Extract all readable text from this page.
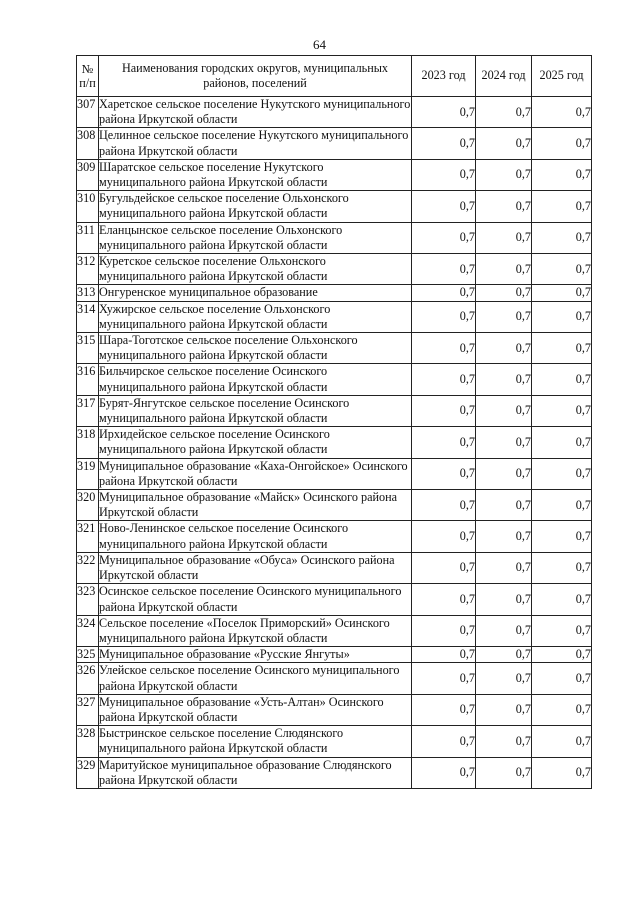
64
№ п/п	Наименования городских округов, муниципальных районов, поселений	2023 год	2024 год	2025 год
307	Харетское сельское поселение Нукутского муниципального района Иркутской области	0,7	0,7	0,7
308	Целинное сельское поселение Нукутского муниципального района Иркутской области	0,7	0,7	0,7
309	Шаратское сельское поселение Нукутского муниципального района Иркутской области	0,7	0,7	0,7
310	Бугульдейское сельское поселение Ольхонского муниципального района Иркутской области	0,7	0,7	0,7
311	Еланцынское сельское поселение Ольхонского муниципального района Иркутской области	0,7	0,7	0,7
312	Куретское сельское поселение Ольхонского муниципального района Иркутской области	0,7	0,7	0,7
313	Онгуренское муниципальное образование	0,7	0,7	0,7
314	Хужирское сельское поселение Ольхонского муниципального района Иркутской области	0,7	0,7	0,7
315	Шара-Тоготское сельское поселение Ольхонского муниципального района Иркутской области	0,7	0,7	0,7
316	Бильчирское сельское поселение Осинского муниципального района Иркутской области	0,7	0,7	0,7
317	Бурят-Янгутское сельское поселение Осинского муниципального района Иркутской области	0,7	0,7	0,7
318	Ирхидейское сельское поселение Осинского муниципального района Иркутской области	0,7	0,7	0,7
319	Муниципальное образование «Каха-Онгойское» Осинского района Иркутской области	0,7	0,7	0,7
320	Муниципальное образование «Майск» Осинского района Иркутской области	0,7	0,7	0,7
321	Ново-Ленинское сельское поселение Осинского муниципального района Иркутской области	0,7	0,7	0,7
322	Муниципальное образование «Обуса» Осинского района Иркутской области	0,7	0,7	0,7
323	Осинское сельское поселение Осинского муниципального района Иркутской области	0,7	0,7	0,7
324	Сельское поселение «Поселок Приморский» Осинского муниципального района Иркутской области	0,7	0,7	0,7
325	Муниципальное образование «Русские Янгуты»	0,7	0,7	0,7
326	Улейское сельское поселение Осинского муниципального района Иркутской области	0,7	0,7	0,7
327	Муниципальное образование «Усть-Алтан» Осинского района Иркутской области	0,7	0,7	0,7
328	Быстринское сельское поселение Слюдянского муниципального района Иркутской области	0,7	0,7	0,7
329	Маритуйское муниципальное образование Слюдянского района Иркутской области	0,7	0,7	0,7
